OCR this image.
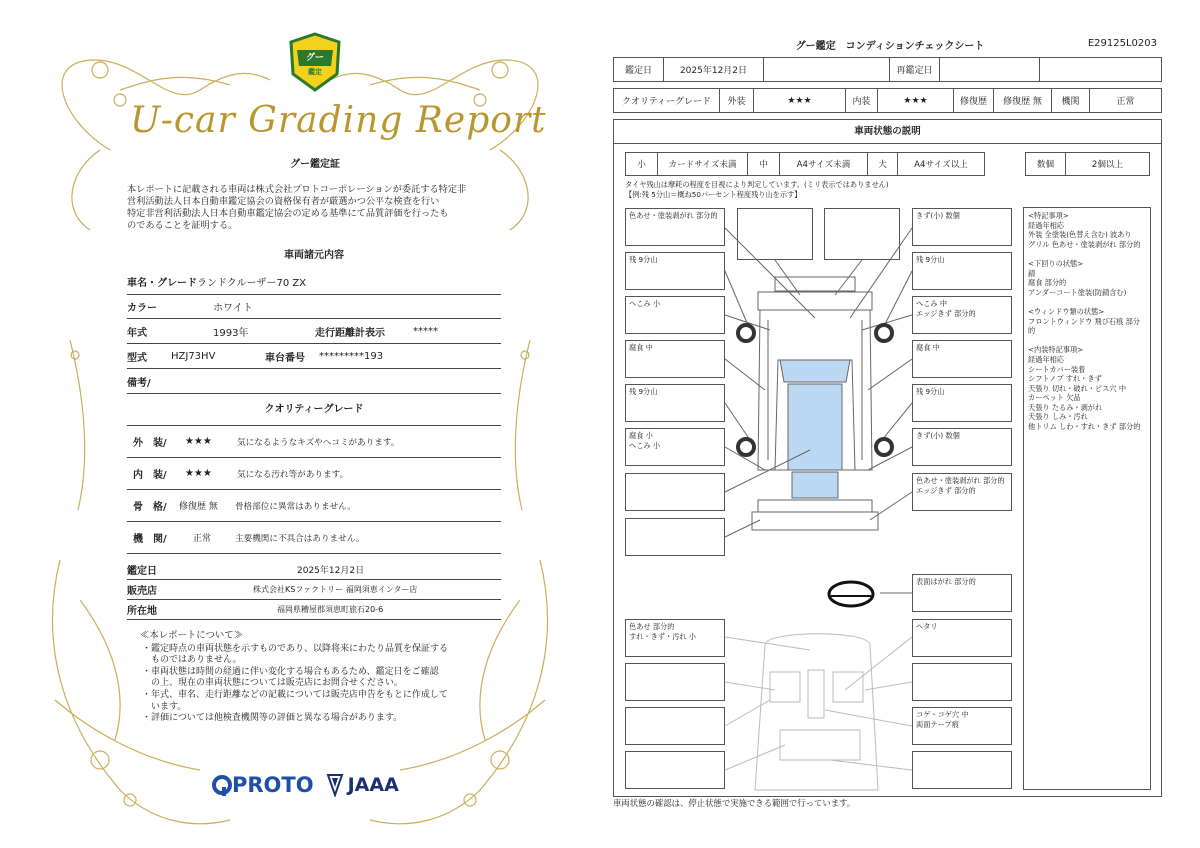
グー
鑑定
U-car Grading Report
グー鑑定証

本レポートに記載される車両は株式会社プロトコーポレーションが委託する特定非

営利活動法人日本自動車鑑定協会の資格保有者が厳選かつ公平な検査を行い

特定非営利活動法人日本自動車鑑定協会の定める基準にて品質評価を行ったも

のであることを証明する。

車両諸元内容
車名・グレード ランドクルーザー70 ZX
カラー	ホワイト
年式	1993年	走行距離計表示	*****
型式	HZJ73HV	車台番号	*********193
備考/
クオリティーグレード
外　装/	★★★	気になるようなキズやヘコミがあります。
内　装/	★★★	気になる汚れ等があります。
骨　格/	修復歴 無	骨格部位に異常はありません。
機　関/	正常	主要機関に不具合はありません。
鑑定日	2025年12月2日
販売店	株式会社KSファクトリー 福岡須恵インター店
所在地	福岡県糟屋郡須恵町旅石20-6
≪本レポートについて≫
・鑑定時点の車両状態を示すものであり、以降将来にわたり品質を保証する
　ものではありません。
・車両状態は時間の経過に伴い変化する場合もあるため、鑑定日をご確認
　の上、現在の車両状態については販売店にお問合せください。
・年式、車名、走行距離などの記載については販売店申告をもとに作成して
　います。
・評価については他検査機関等の評価と異なる場合があります。
PROTO JAAA
グー鑑定　コンディションチェックシート	E29125L0203
鑑定日	2025年12月2日	再鑑定日
クオリティーグレード	外装	★★★	内装	★★★	修復歴	修復歴 無	機関	正常
車両状態の説明
小	カードサイズ未満	中	A4サイズ未満	大	A4サイズ以上	数個	2個以上
タイヤ残山は摩耗の程度を目視により判定しています。(ミリ表示ではありません)
【例:残 5分山＝概ね50パーセント程度残り山を示す】
色あせ・塗装剥がれ 部分的
残 9分山
へこみ 小
腐食 中
残 9分山
腐食 小
へこみ 小
きず(小) 数個
残 9分山
へこみ 中
エッジきず 部分的
腐食 中
残 9分山
きず(小) 数個
色あせ・塗装剥がれ 部分的
エッジきず 部分的
表面はがれ 部分的
色あせ 部分的
すれ・きず・汚れ 小
ヘタリ
コゲ・コゲ穴 中
両面テープ痕
<特記事項>
経過年相応
外装 全塗装(色替え含む) 波あり
グリル 色あせ・塗装剥がれ 部分的

<下回りの状態>
錆
腐食 部分的
アンダーコート塗装(防錆含む)

<ウィンドウ類の状態>
フロントウィンドウ 飛び石痕 部分的

<内装特記事項>
経過年相応
シートカバー装着
シフトノブ すれ・きず
天張り 切れ・破れ・ピス穴 中
カーペット 欠品
天張り たるみ・剥がれ
天張り しみ・汚れ
他トリム しわ・すれ・きず 部分的
車両状態の確認は、停止状態で実施できる範囲で行っています。
